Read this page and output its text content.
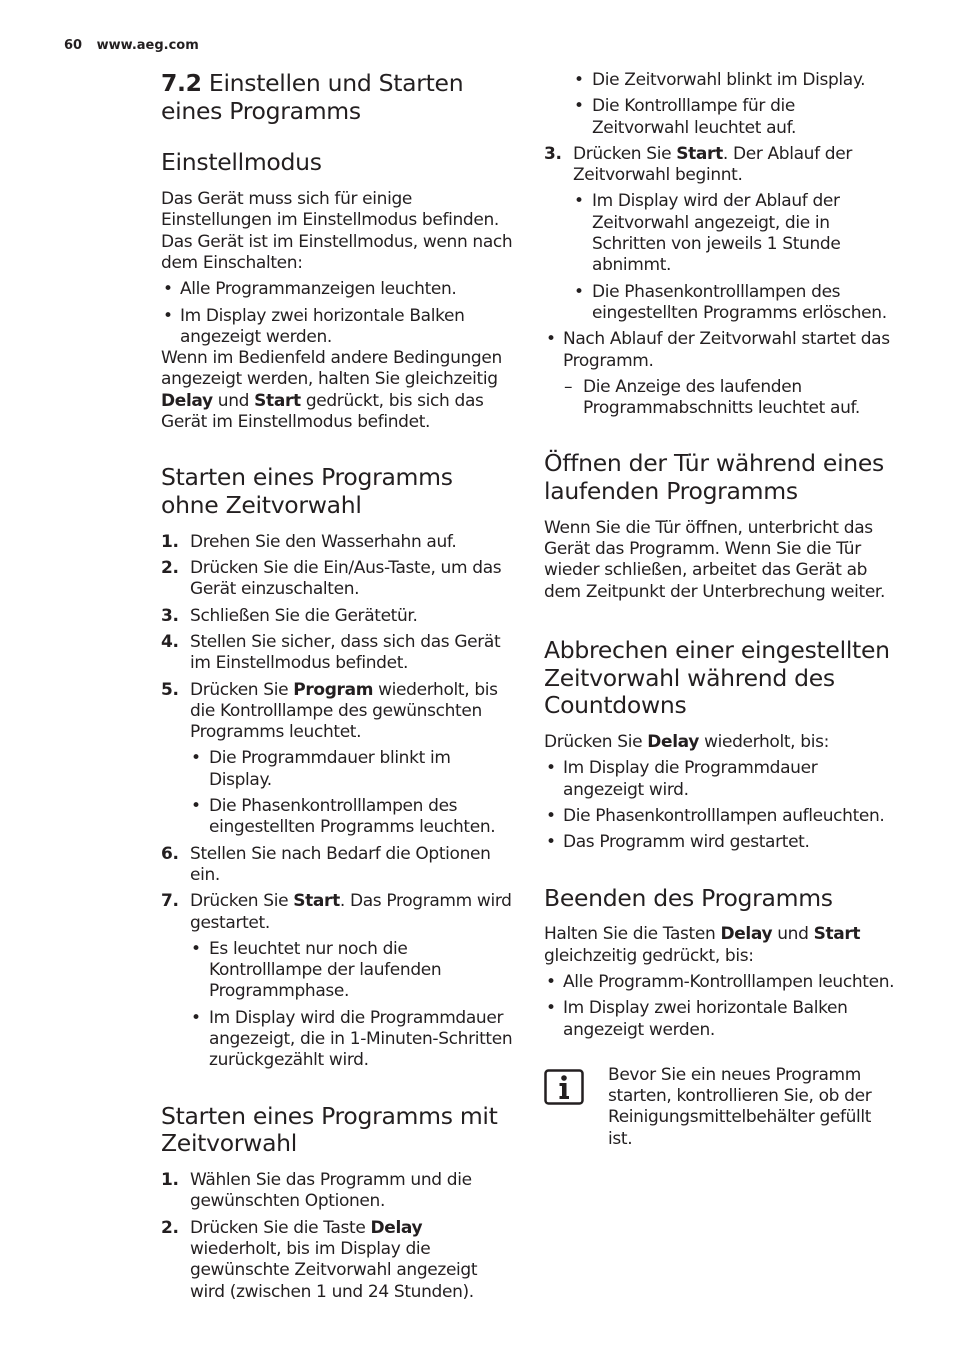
60 www.aeg.com
7.2 Einstellen und Starten eines Programms
Einstellmodus

Das Gerät muss sich für einige Einstellungen im Einstellmodus befinden. Das Gerät ist im Einstellmodus, wenn nach dem Einschalten:

• Alle Programmanzeigen leuchten.
• Im Display zwei horizontale Balken angezeigt werden.

Wenn im Bedienfeld andere Bedingungen angezeigt werden, halten Sie gleichzeitig Delay und Start gedrückt, bis sich das Gerät im Einstellmodus befindet.

Starten eines Programms ohne Zeitvorwahl
1. Drehen Sie den Wasserhahn auf.
2. Drücken Sie die Ein/Aus-Taste, um das Gerät einzuschalten.
3. Schließen Sie die Gerätetür.
4. Stellen Sie sicher, dass sich das Gerät im Einstellmodus befindet.
5. Drücken Sie Program wiederholt, bis die Kontrolllampe des gewünschten Programms leuchtet.
• Die Programmdauer blinkt im Display.
• Die Phasenkontrolllampen des eingestellten Programms leuchten.
6. Stellen Sie nach Bedarf die Optionen ein.
7. Drücken Sie Start. Das Programm wird gestartet.
• Es leuchtet nur noch die Kontrolllampe der laufenden Programmphase.
• Im Display wird die Programmdauer angezeigt, die in 1-Minuten-Schritten zurückgezählt wird.
Starten eines Programms mit Zeitvorwahl
1. Wählen Sie das Programm und die gewünschten Optionen.
2. Drücken Sie die Taste Delay wiederholt, bis im Display die gewünschte Zeitvorwahl angezeigt wird (zwischen 1 und 24 Stunden).
• Die Zeitvorwahl blinkt im Display.
• Die Kontrolllampe für die Zeitvorwahl leuchtet auf.
3. Drücken Sie Start. Der Ablauf der Zeitvorwahl beginnt.
• Im Display wird der Ablauf der Zeitvorwahl angezeigt, die in Schritten von jeweils 1 Stunde abnimmt.
• Die Phasenkontrolllampen des eingestellten Programms erlöschen.
• Nach Ablauf der Zeitvorwahl startet das Programm.
– Die Anzeige des laufenden Programmabschnitts leuchtet auf.
Öffnen der Tür während eines laufenden Programms

Wenn Sie die Tür öffnen, unterbricht das Gerät das Programm. Wenn Sie die Tür wieder schließen, arbeitet das Gerät ab dem Zeitpunkt der Unterbrechung weiter.

Abbrechen einer eingestellten Zeitvorwahl während des Countdowns

Drücken Sie Delay wiederholt, bis:

• Im Display die Programmdauer angezeigt wird.
• Die Phasenkontrolllampen aufleuchten.
• Das Programm wird gestartet.
Beenden des Programms

Halten Sie die Tasten Delay und Start gleichzeitig gedrückt, bis:

• Alle Programm-Kontrolllampen leuchten.
• Im Display zwei horizontale Balken angezeigt werden.

Bevor Sie ein neues Programm starten, kontrollieren Sie, ob der Reinigungsmittelbehälter gefüllt ist.
